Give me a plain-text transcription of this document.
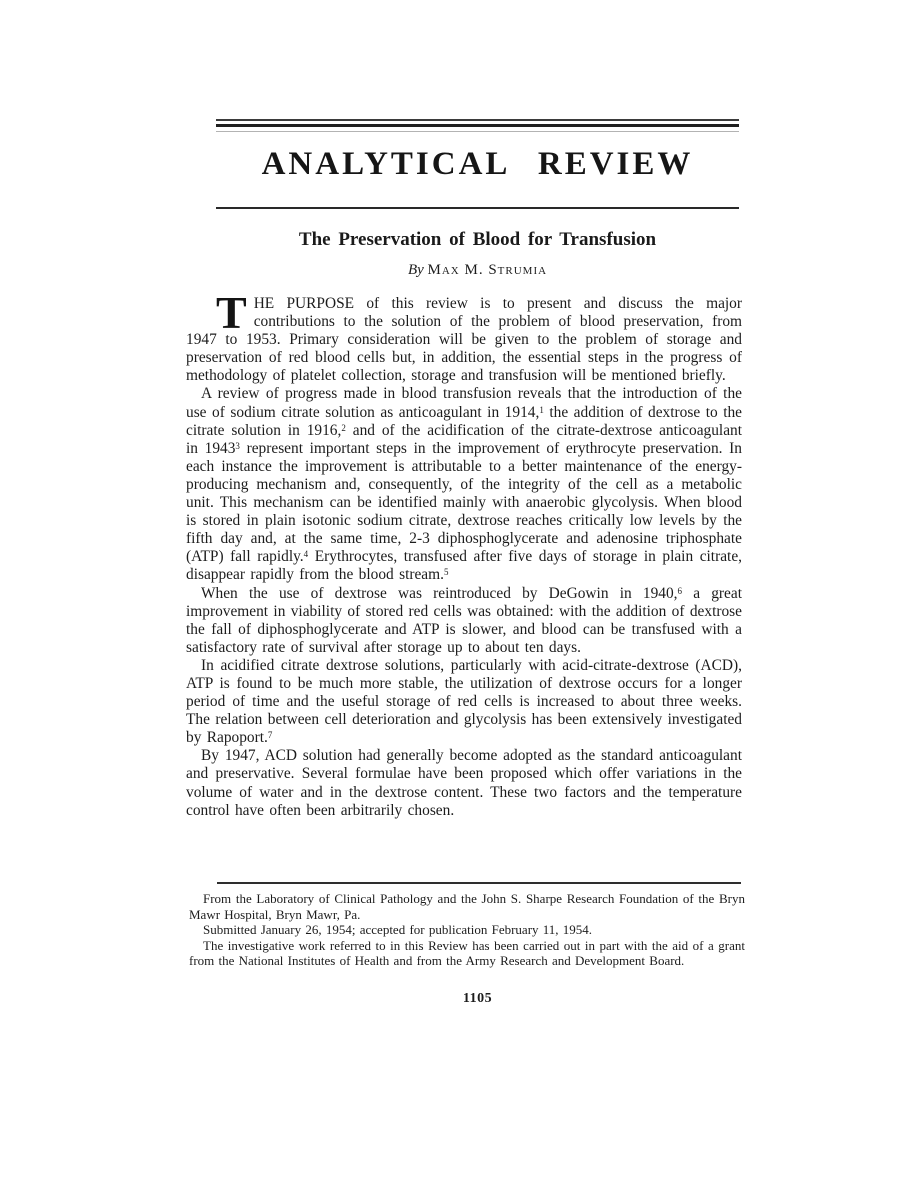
ANALYTICAL REVIEW
The Preservation of Blood for Transfusion
By Max M. Strumia

THE PURPOSE of this review is to present and discuss the major contributions to the solution of the problem of blood preservation, from 1947 to 1953. Primary consideration will be given to the problem of storage and preservation of red blood cells but, in addition, the essential steps in the progress of methodology of platelet collection, storage and transfusion will be mentioned briefly.

A review of progress made in blood transfusion reveals that the introduction of the use of sodium citrate solution as anticoagulant in 1914,$^1$ the addition of dextrose to the citrate solution in 1916,$^2$ and of the acidification of the citrate-dextrose anticoagulant in 1943$^3$ represent important steps in the improvement of erythrocyte preservation. In each instance the improvement is attributable to a better maintenance of the energy-producing mechanism and, consequently, of the integrity of the cell as a metabolic unit. This mechanism can be identified mainly with anaerobic glycolysis. When blood is stored in plain isotonic sodium citrate, dextrose reaches critically low levels by the fifth day and, at the same time, 2-3 diphosphoglycerate and adenosine triphosphate (ATP) fall rapidly.$^4$ Erythrocytes, transfused after five days of storage in plain citrate, disappear rapidly from the blood stream.$^5$

When the use of dextrose was reintroduced by DeGowin in 1940,$^6$ a great improvement in viability of stored red cells was obtained: with the addition of dextrose the fall of diphosphoglycerate and ATP is slower, and blood can be transfused with a satisfactory rate of survival after storage up to about ten days.

In acidified citrate dextrose solutions, particularly with acid-citrate-dextrose (ACD), ATP is found to be much more stable, the utilization of dextrose occurs for a longer period of time and the useful storage of red cells is increased to about three weeks. The relation between cell deterioration and glycolysis has been extensively investigated by Rapoport.$^7$

By 1947, ACD solution had generally become adopted as the standard anticoagulant and preservative. Several formulae have been proposed which offer variations in the volume of water and in the dextrose content. These two factors and the temperature control have often been arbitrarily chosen.

From the Laboratory of Clinical Pathology and the John S. Sharpe Research Foundation of the Bryn Mawr Hospital, Bryn Mawr, Pa.

Submitted January 26, 1954; accepted for publication February 11, 1954.

The investigative work referred to in this Review has been carried out in part with the aid of a grant from the National Institutes of Health and from the Army Research and Development Board.

1105
